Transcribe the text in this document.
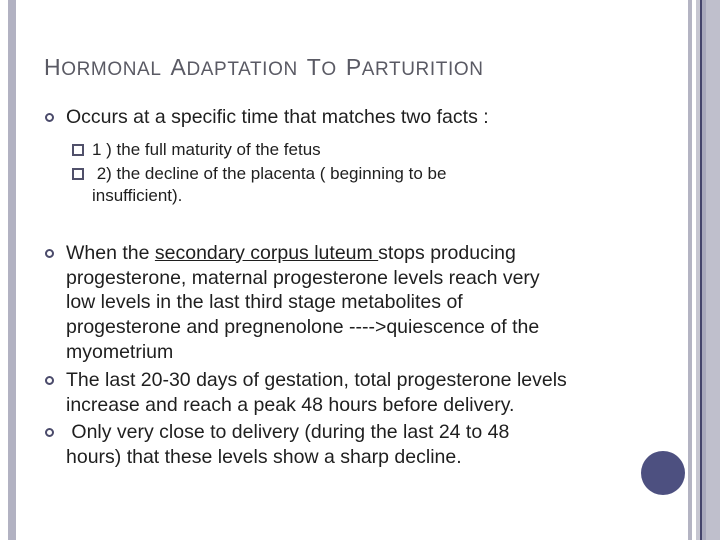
HORMONAL ADAPTATION TO PARTURITION
Occurs at a specific time that matches two facts :
1 ) the full maturity of the fetus
2) the decline of the placenta ( beginning to be
insufficient).
When the secondary corpus luteum stops producing
progesterone, maternal progesterone levels reach very
low levels in the last third stage metabolites of
progesterone and pregnenolone ---->quiescence of the
myometrium
The last 20-30 days of gestation, total progesterone levels
increase and reach a peak 48 hours before delivery.
Only very close to delivery (during the last 24 to 48
hours) that these levels show a sharp decline.
